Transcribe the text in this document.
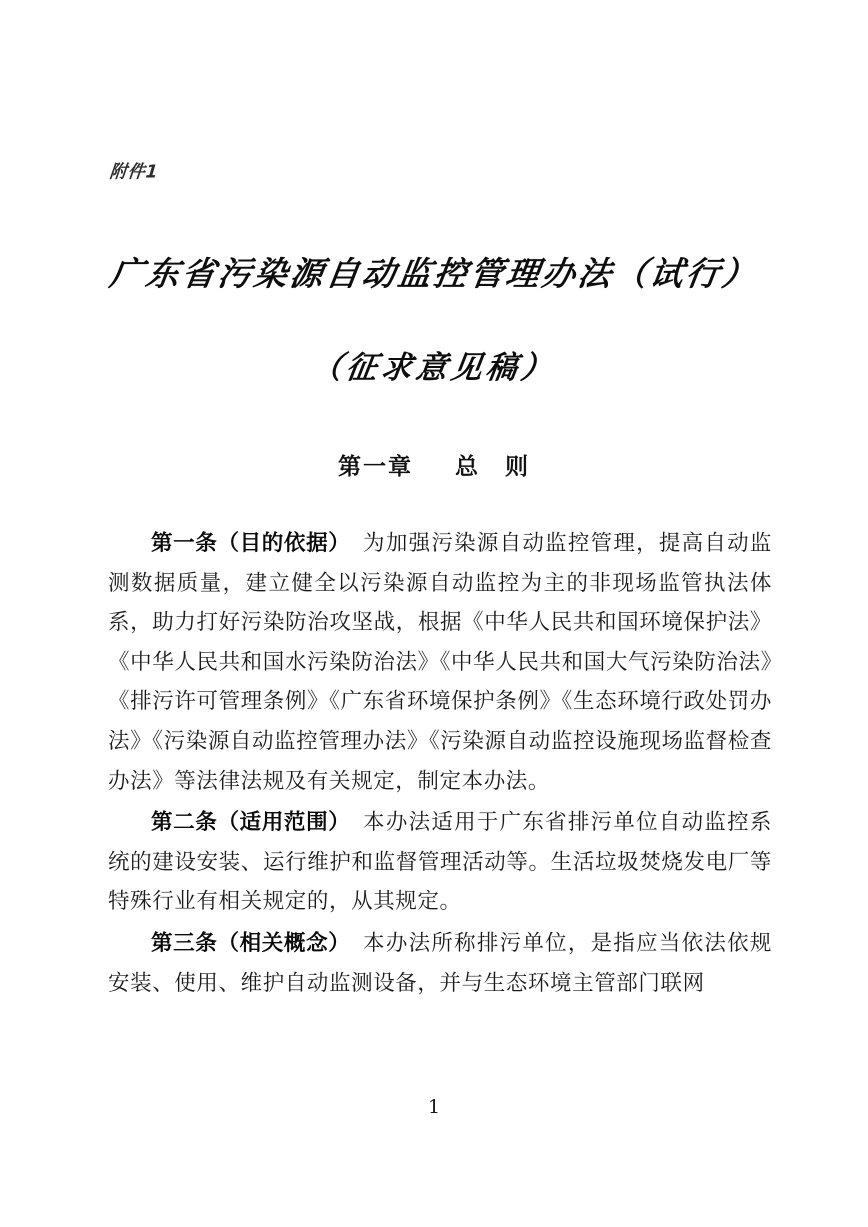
附件1
广东省污染源自动监控管理办法（试行）
（征求意见稿）
第一章 总　则

第一条（目的依据） 为加强污染源自动监控管理，提高自动监测数据质量，建立健全以污染源自动监控为主的非现场监管执法体系，助力打好污染防治攻坚战，根据《中华人民共和国环境保护法》《中华人民共和国水污染防治法》《中华人民共和国大气污染防治法》《排污许可管理条例》《广东省环境保护条例》《生态环境行政处罚办法》《污染源自动监控管理办法》《污染源自动监控设施现场监督检查办法》等法律法规及有关规定，制定本办法。

第二条（适用范围） 本办法适用于广东省排污单位自动监控系统的建设安装、运行维护和监督管理活动等。生活垃圾焚烧发电厂等特殊行业有相关规定的，从其规定。

第三条（相关概念） 本办法所称排污单位，是指应当依法依规安装、使用、维护自动监测设备，并与生态环境主管部门联网

1
